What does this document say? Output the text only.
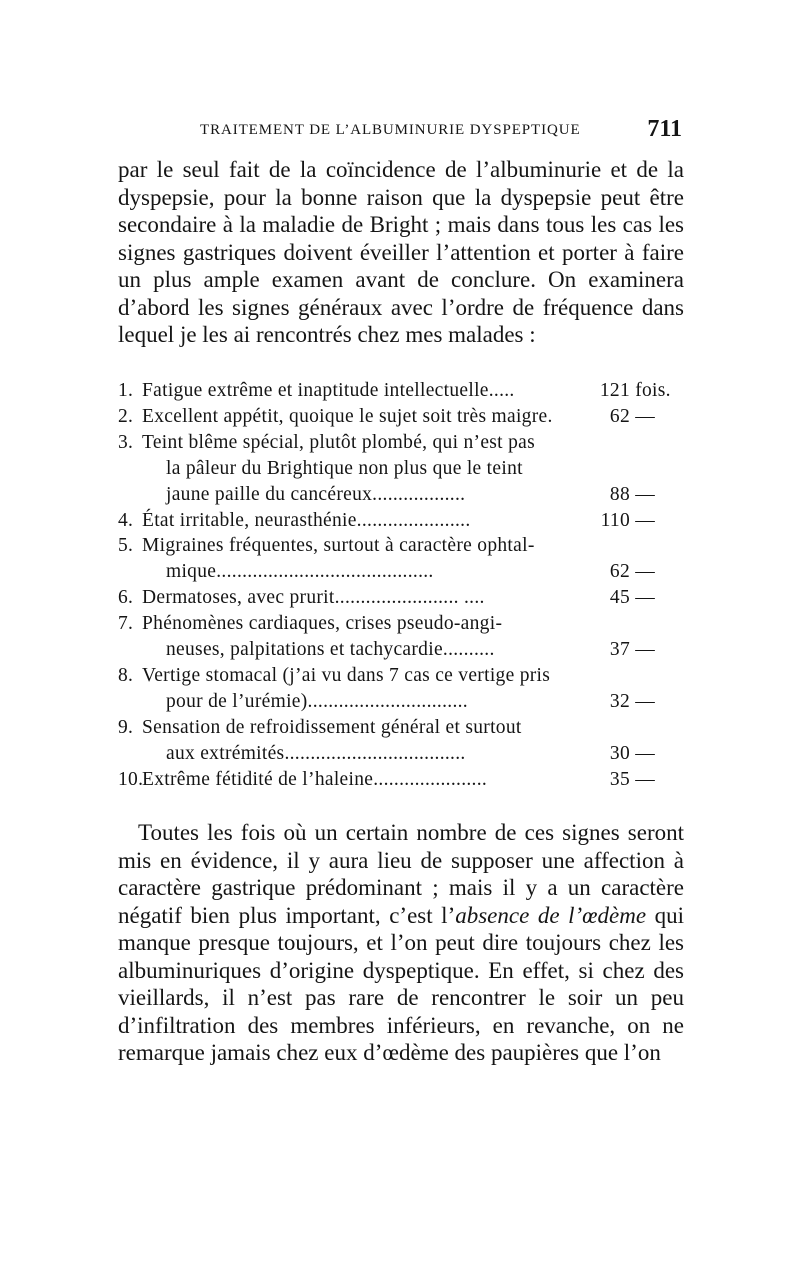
TRAITEMENT DE L’ALBUMINURIE DYSPEPTIQUE	711

par le seul fait de la coïncidence de l’albuminurie et de la dyspepsie, pour la bonne raison que la dyspepsie peut être secondaire à la maladie de Bright ; mais dans tous les cas les signes gastriques doivent éveiller l’attention et porter à faire un plus ample examen avant de conclure. On examinera d’abord les signes généraux avec l’ordre de fréquence dans lequel je les ai rencontrés chez mes malades :

1. Fatigue extrême et inaptitude intellectuelle.....	121 fois.
2. Excellent appétit, quoique le sujet soit très maigre.	62 —
3. Teint blême spécial, plutôt plombé, qui n’est pas
la pâleur du Brightique non plus que le teint
jaune paille du cancéreux..................	88 —
4. État irritable, neurasthénie......................	110 —
5. Migraines fréquentes, surtout à caractère ophtal-
mique..........................................	62 —
6. Dermatoses, avec prurit........................ ....	45 —
7. Phénomènes cardiaques, crises pseudo-angi-
neuses, palpitations et tachycardie..........	37 —
8. Vertige stomacal (j’ai vu dans 7 cas ce vertige pris
pour de l’urémie)...............................	32 —
9. Sensation de refroidissement général et surtout
aux extrémités...................................	30 —
10.
Extrême fétidité de l’haleine......................	35 —

Toutes les fois où un certain nombre de ces signes seront mis en évidence, il y aura lieu de supposer une affection à caractère gastrique prédominant ; mais il y a un caractère négatif bien plus important, c’est l’absence de l’œdème qui manque presque toujours, et l’on peut dire toujours chez les albuminuriques d’origine dyspeptique. En effet, si chez des vieillards, il n’est pas rare de rencontrer le soir un peu d’infiltration des membres inférieurs, en revanche, on ne remarque jamais chez eux d’œdème des paupières que l’on
